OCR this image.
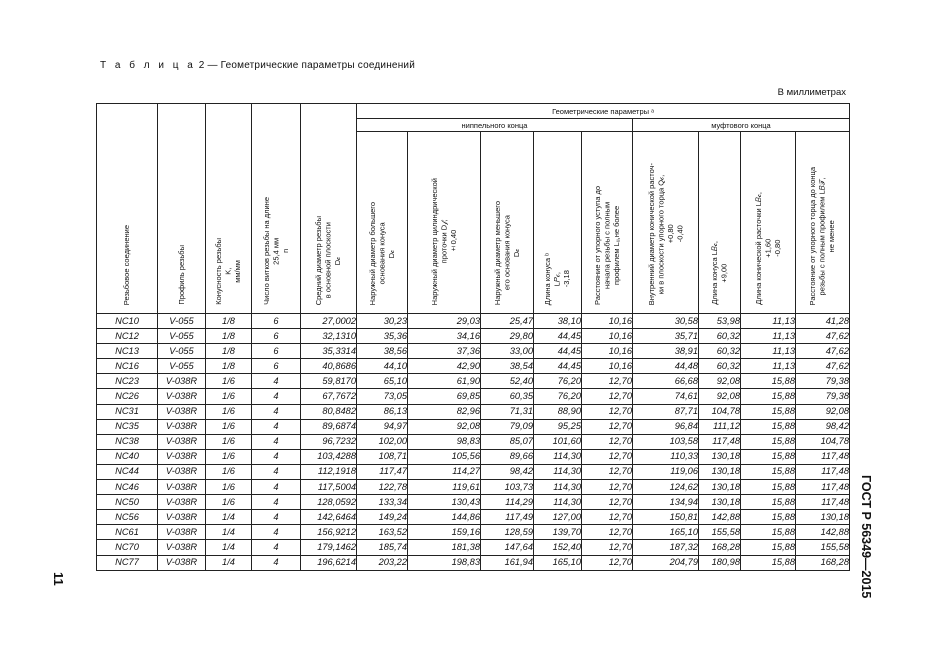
Т а б л и ц а 2 — Геометрические параметры соединений
В миллиметрах
Резьбовое соединение	Профиль резьбы	Конусность резьбы
K,
мм/мм	Число витков резьбы на длине
25,4 мм
n	Средний диаметр резьбы
в основной плоскости
D𝒸	Геометрические параметры ᵃ								
					ниппельного конца					муфтового конца			
					Наружный диаметр большего
основания конуса
D𝒸	Наружный диаметр цилиндрической
проточки D𝒻,
±0,40	Наружный диаметр меньшего
его основания конуса
D𝒸	Длина конуса ᵇ
L𝑃𝒸,
-3,18	Расстояние от упорного уступа до
начала резьбы с полным
профилем Lᵤ,не более	Внутренний диаметр конической расточ-
ки в плоскости упорного торца Q𝒸,
+0,80
-0,40	Длина конуса L𝐵𝒸,
+9,00	Длина конической расточки L𝐵𝒸,
+1,60
-0,80	Расстояние от упорного торца до конца
резьбы с полным профилем L𝐵𝒯,
не менее
NC10	V-055	1/8	6	27,0002	30,23	29,03	25,47	38,10	10,16	30,58	53,98	11,13	41,28
NC12	V-055	1/8	6	32,1310	35,36	34,16	29,80	44,45	10,16	35,71	60,32	11,13	47,62
NC13	V-055	1/8	6	35,3314	38,56	37,36	33,00	44,45	10,16	38,91	60,32	11,13	47,62
NC16	V-055	1/8	6	40,8686	44,10	42,90	38,54	44,45	10,16	44,48	60,32	11,13	47,62
NC23	V-038R	1/6	4	59,8170	65,10	61,90	52,40	76,20	12,70	66,68	92,08	15,88	79,38
NC26	V-038R	1/6	4	67,7672	73,05	69,85	60,35	76,20	12,70	74,61	92,08	15,88	79,38
NC31	V-038R	1/6	4	80,8482	86,13	82,96	71,31	88,90	12,70	87,71	104,78	15,88	92,08
NC35	V-038R	1/6	4	89,6874	94,97	92,08	79,09	95,25	12,70	96,84	111,12	15,88	98,42
NC38	V-038R	1/6	4	96,7232	102,00	98,83	85,07	101,60	12,70	103,58	117,48	15,88	104,78
NC40	V-038R	1/6	4	103,4288	108,71	105,56	89,66	114,30	12,70	110,33	130,18	15,88	117,48
NC44	V-038R	1/6	4	112,1918	117,47	114,27	98,42	114,30	12,70	119,06	130,18	15,88	117,48
NC46	V-038R	1/6	4	117,5004	122,78	119,61	103,73	114,30	12,70	124,62	130,18	15,88	117,48
NC50	V-038R	1/6	4	128,0592	133,34	130,43	114,29	114,30	12,70	134,94	130,18	15,88	117,48
NC56	V-038R	1/4	4	142,6464	149,24	144,86	117,49	127,00	12,70	150,81	142,88	15,88	130,18
NC61	V-038R	1/4	4	156,9212	163,52	159,16	128,59	139,70	12,70	165,10	155,58	15,88	142,88
NC70	V-038R	1/4	4	179,1462	185,74	181,38	147,64	152,40	12,70	187,32	168,28	15,88	155,58
NC77	V-038R	1/4	4	196,6214	203,22	198,83	161,94	165,10	12,70	204,79	180,98	15,88	168,28
11	ГОСТ Р 56349—2015
